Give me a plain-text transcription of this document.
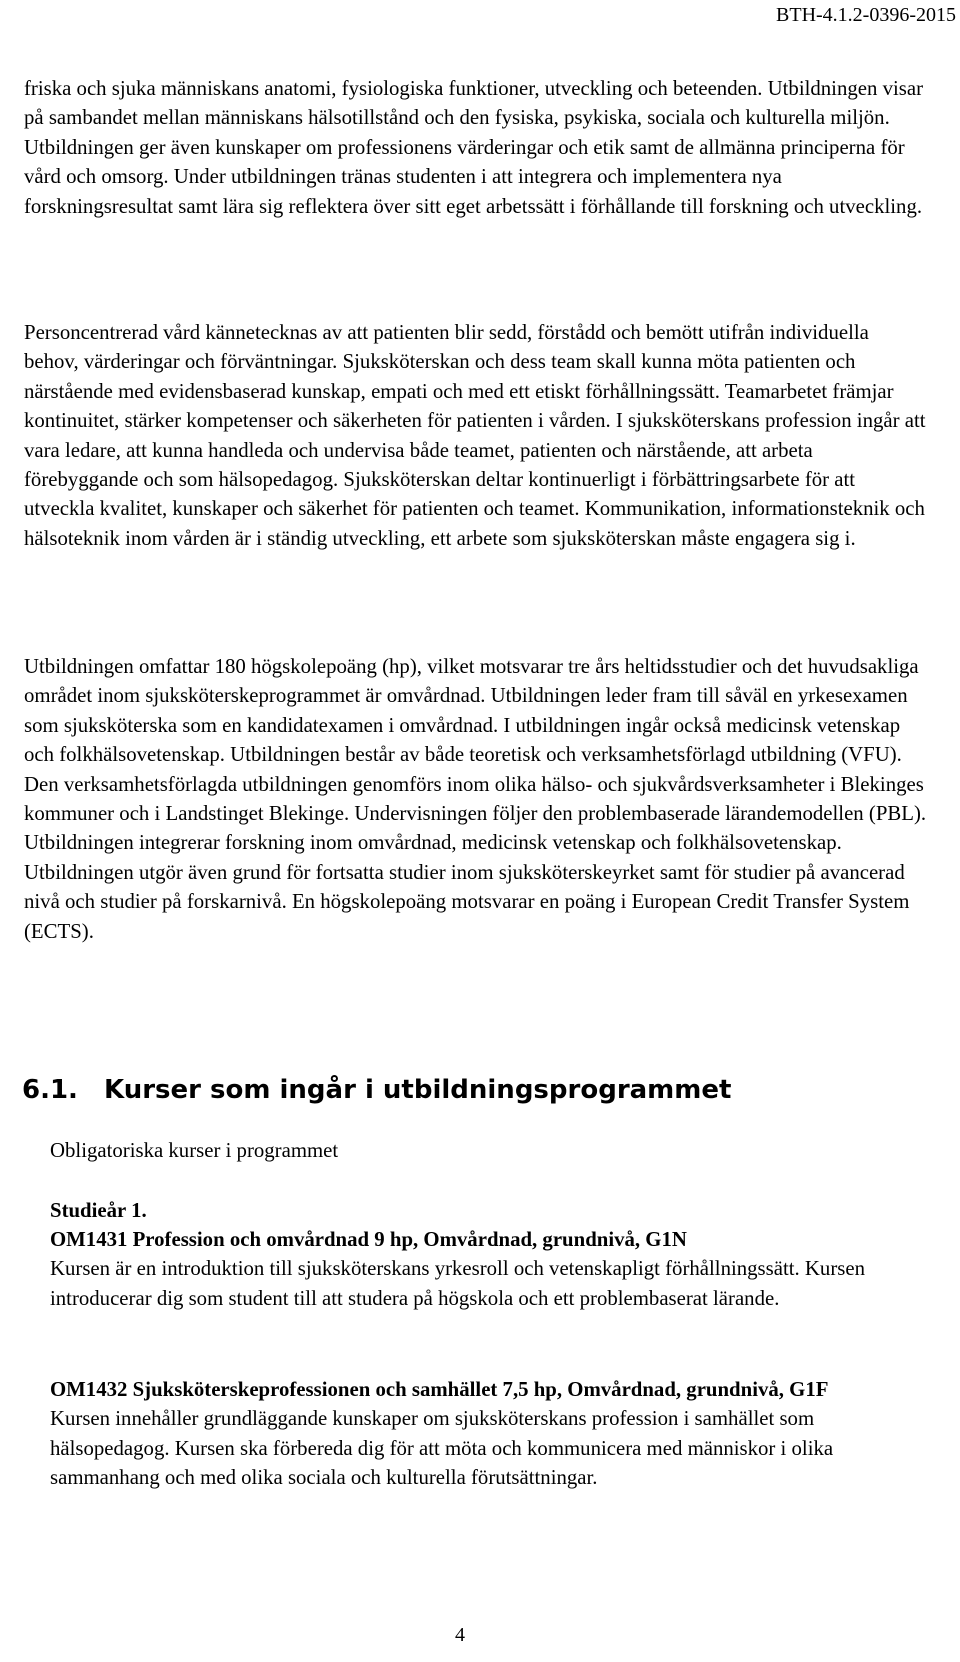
BTH-4.1.2-0396-2015

friska och sjuka människans anatomi, fysiologiska funktioner, utveckling och beteenden. Utbildningen visar på sambandet mellan människans hälsotillstånd och den fysiska, psykiska, sociala och kulturella miljön. Utbildningen ger även kunskaper om professionens värderingar och etik samt de allmänna principerna för vård och omsorg. Under utbildningen tränas studenten i att integrera och implementera nya forskningsresultat samt lära sig reflektera över sitt eget arbetssätt i förhållande till forskning och utveckling.

Personcentrerad vård kännetecknas av att patienten blir sedd, förstådd och bemött utifrån individuella behov, värderingar och förväntningar. Sjuksköterskan och dess team skall kunna möta patienten och närstående med evidensbaserad kunskap, empati och med ett etiskt förhållningssätt. Teamarbetet främjar kontinuitet, stärker kompetenser och säkerheten för patienten i vården. I sjuksköterskans profession ingår att vara ledare, att kunna handleda och undervisa både teamet, patienten och närstående, att arbeta förebyggande och som hälsopedagog. Sjuksköterskan deltar kontinuerligt i förbättringsarbete för att utveckla kvalitet, kunskaper och säkerhet för patienten och teamet. Kommunikation, informationsteknik och hälsoteknik inom vården är i ständig utveckling, ett arbete som sjuksköterskan måste engagera sig i.

Utbildningen omfattar 180 högskolepoäng (hp), vilket motsvarar tre års heltidsstudier och det huvudsakliga området inom sjuksköterskeprogrammet är omvårdnad. Utbildningen leder fram till såväl en yrkesexamen som sjuksköterska som en kandidatexamen i omvårdnad. I utbildningen ingår också medicinsk vetenskap och folkhälsovetenskap. Utbildningen består av både teoretisk och verksamhetsförlagd utbildning (VFU). Den verksamhetsförlagda utbildningen genomförs inom olika hälso- och sjukvårdsverksamheter i Blekinges kommuner och i Landstinget Blekinge. Undervisningen följer den problembaserade lärandemodellen (PBL). Utbildningen integrerar forskning inom omvårdnad, medicinsk vetenskap och folkhälsovetenskap. Utbildningen utgör även grund för fortsatta studier inom sjuksköterskeyrket samt för studier på avancerad nivå och studier på forskarnivå. En högskolepoäng motsvarar en poäng i European Credit Transfer System (ECTS).

6.1. Kurser som ingår i utbildningsprogrammet
Obligatoriska kurser i programmet
Studieår 1.
OM1431 Profession och omvårdnad 9 hp, Omvårdnad, grundnivå, G1N
Kursen är en introduktion till sjuksköterskans yrkesroll och vetenskapligt förhållningssätt. Kursen introducerar dig som student till att studera på högskola och ett problembaserat lärande.
OM1432 Sjuksköterskeprofessionen och samhället 7,5 hp, Omvårdnad, grundnivå, G1F
Kursen innehåller grundläggande kunskaper om sjuksköterskans profession i samhället som hälsopedagog. Kursen ska förbereda dig för att möta och kommunicera med människor i olika sammanhang och med olika sociala och kulturella förutsättningar.
4
